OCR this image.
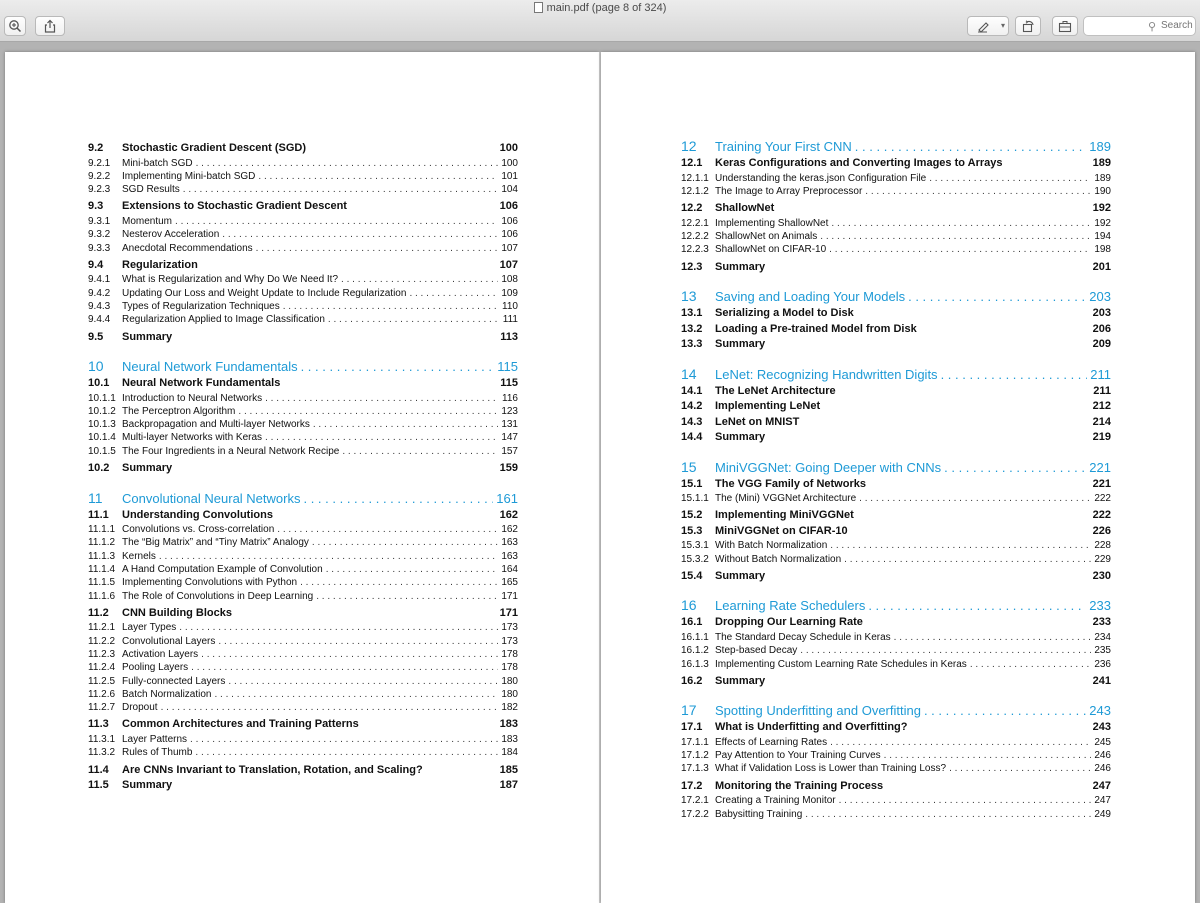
main.pdf (page 8 of 324)
▾	⚲
Search
9.2	Stochastic Gradient Descent (SGD)	100
9.2.1	Mini-batch SGD . . .	100
9.2.2	Implementing Mini-batch SGD . . .	101
9.2.3	SGD Results . . .	104
9.3	Extensions to Stochastic Gradient Descent	106
9.3.1	Momentum . . .	106
9.3.2	Nesterov Acceleration . . .	106
9.3.3	Anecdotal Recommendations . . .	107
9.4	Regularization	107
9.4.1	What is Regularization and Why Do We Need It? . . .	108
9.4.2	Updating Our Loss and Weight Update to Include Regularization . . .	109
9.4.3	Types of Regularization Techniques . . .	110
9.4.4	Regularization Applied to Image Classification . . .	111
9.5	Summary	113
10	Neural Network Fundamentals . . .	115
10.1	Neural Network Fundamentals	115
10.1.1 Introduction to Neural Networks . . .	116
10.1.2 The Perceptron Algorithm . . .	123
10.1.3 Backpropagation and Multi-layer Networks . . .	131
10.1.4 Multi-layer Networks with Keras . . .	147
10.1.5 The Four Ingredients in a Neural Network Recipe . . .	157
10.2	Summary	159
11	Convolutional Neural Networks . . .	161
11.1	Understanding Convolutions	162
11.1.1 Convolutions vs. Cross-correlation . . .	162
11.1.2 The “Big Matrix” and “Tiny Matrix” Analogy . . .	163
11.1.3 Kernels . . .	163
11.1.4 A Hand Computation Example of Convolution . . .	164
11.1.5 Implementing Convolutions with Python . . .	165
11.1.6 The Role of Convolutions in Deep Learning . . .	171
11.2	CNN Building Blocks	171
11.2.1 Layer Types . . .	173
11.2.2 Convolutional Layers . . .	173
11.2.3 Activation Layers . . .	178
11.2.4 Pooling Layers . . .	178
11.2.5 Fully-connected Layers . . .	180
11.2.6 Batch Normalization . . .	180
11.2.7 Dropout . . .	182
11.3	Common Architectures and Training Patterns	183
11.3.1 Layer Patterns . . .	183
11.3.2 Rules of Thumb . . .	184
11.4	Are CNNs Invariant to Translation, Rotation, and Scaling?	185
11.5	Summary	187
12	Training Your First CNN . . .	189
12.1	Keras Configurations and Converting Images to Arrays	189
12.1.1 Understanding the keras.json Configuration File . . .	189
12.1.2 The Image to Array Preprocessor . . .	190
12.2	ShallowNet	192
12.2.1 Implementing ShallowNet . . .	192
12.2.2 ShallowNet on Animals . . .	194
12.2.3 ShallowNet on CIFAR-10 . . .	198
12.3	Summary	201
13	Saving and Loading Your Models . . .	203
13.1	Serializing a Model to Disk	203
13.2	Loading a Pre-trained Model from Disk	206
13.3	Summary	209
14	LeNet: Recognizing Handwritten Digits . . .	211
14.1	The LeNet Architecture	211
14.2	Implementing LeNet	212
14.3	LeNet on MNIST	214
14.4	Summary	219
15	MiniVGGNet: Going Deeper with CNNs . . .	221
15.1	The VGG Family of Networks	221
15.1.1 The (Mini) VGGNet Architecture . . .	222
15.2	Implementing MiniVGGNet	222
15.3	MiniVGGNet on CIFAR-10	226
15.3.1 With Batch Normalization . . .	228
15.3.2 Without Batch Normalization . . .	229
15.4	Summary	230
16	Learning Rate Schedulers . . .	233
16.1	Dropping Our Learning Rate	233
16.1.1 The Standard Decay Schedule in Keras . . .	234
16.1.2 Step-based Decay . . .	235
16.1.3 Implementing Custom Learning Rate Schedules in Keras . . .	236
16.2	Summary	241
17	Spotting Underfitting and Overfitting . . .	243
17.1	What is Underfitting and Overfitting?	243
17.1.1 Effects of Learning Rates . . .	245
17.1.2 Pay Attention to Your Training Curves . . .	246
17.1.3 What if Validation Loss is Lower than Training Loss? . . .	246
17.2	Monitoring the Training Process	247
17.2.1 Creating a Training Monitor . . .	247
17.2.2 Babysitting Training . . .	249
